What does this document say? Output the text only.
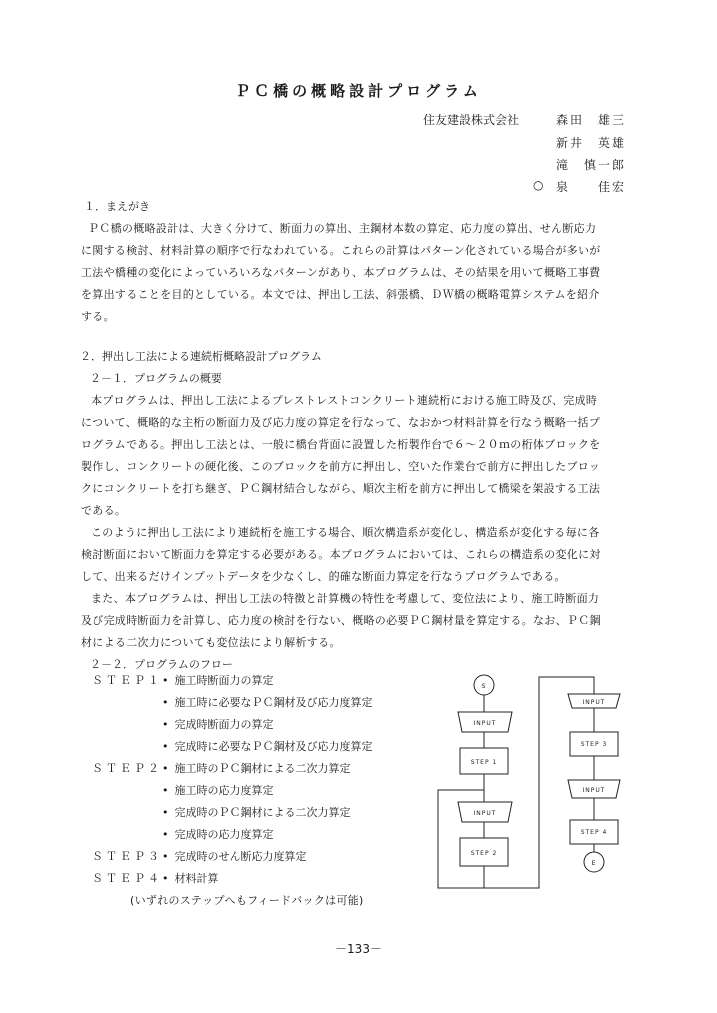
ＰＣ橋の概略設計プログラム
住友建設株式会社	森田　雄三
新井　英雄
滝　慎一郎
○ 泉　　佳宏
１．まえがき
ＰＣ橋の概略設計は、大きく分けて、断面力の算出、主鋼材本数の算定、応力度の算出、せん断応力
に関する検討、材料計算の順序で行なわれている。これらの計算はパターン化されている場合が多いが
工法や橋種の変化によっていろいろなパターンがあり、本プログラムは、その結果を用いて概略工事費
を算出することを目的としている。本文では、押出し工法、斜張橋、ＤＷ橋の概略電算システムを紹介
する。
２．押出し工法による連続桁概略設計プログラム
２－１．プログラムの概要
本プログラムは、押出し工法によるプレストレストコンクリート連続桁における施工時及び、完成時
について、概略的な主桁の断面力及び応力度の算定を行なって、なおかつ材料計算を行なう概略一括プ
ログラムである。押出し工法とは、一般に橋台背面に設置した桁製作台で６～２０ｍの桁体ブロックを
製作し、コンクリートの硬化後、このブロックを前方に押出し、空いた作業台で前方に押出したブロッ
クにコンクリートを打ち継ぎ、ＰＣ鋼材結合しながら、順次主桁を前方に押出して橋梁を架設する工法
である。
このように押出し工法により連続桁を施工する場合、順次構造系が変化し、構造系が変化する毎に各
検討断面において断面力を算定する必要がある。本プログラムにおいては、これらの構造系の変化に対
して、出来るだけインプットデータを少なくし、的確な断面力算定を行なうプログラムである。
また、本プログラムは、押出し工法の特徴と計算機の特性を考慮して、変位法により、施工時断面力
及び完成時断面力を計算し、応力度の検討を行ない、概略の必要ＰＣ鋼材量を算定する。なお、ＰＣ鋼
材による二次力についても変位法により解析する。
２－２．プログラムのフロー
ＳＴＥＰ１ • 施工時断面力の算定
• 施工時に必要なＰＣ鋼材及び応力度算定
• 完成時断面力の算定
• 完成時に必要なＰＣ鋼材及び応力度算定
ＳＴＥＰ２ • 施工時のＰＣ鋼材による二次力算定
• 施工時の応力度算定
• 完成時のＰＣ鋼材による二次力算定
• 完成時の応力度算定
ＳＴＥＰ３ • 完成時のせん断応力度算定
ＳＴＥＰ４ • 材料計算
(いずれのステップへもフィードバックは可能)
S
INPUT
STEP 1
INPUT
STEP 2
INPUT
STEP 3
INPUT
STEP 4
E
－133－
